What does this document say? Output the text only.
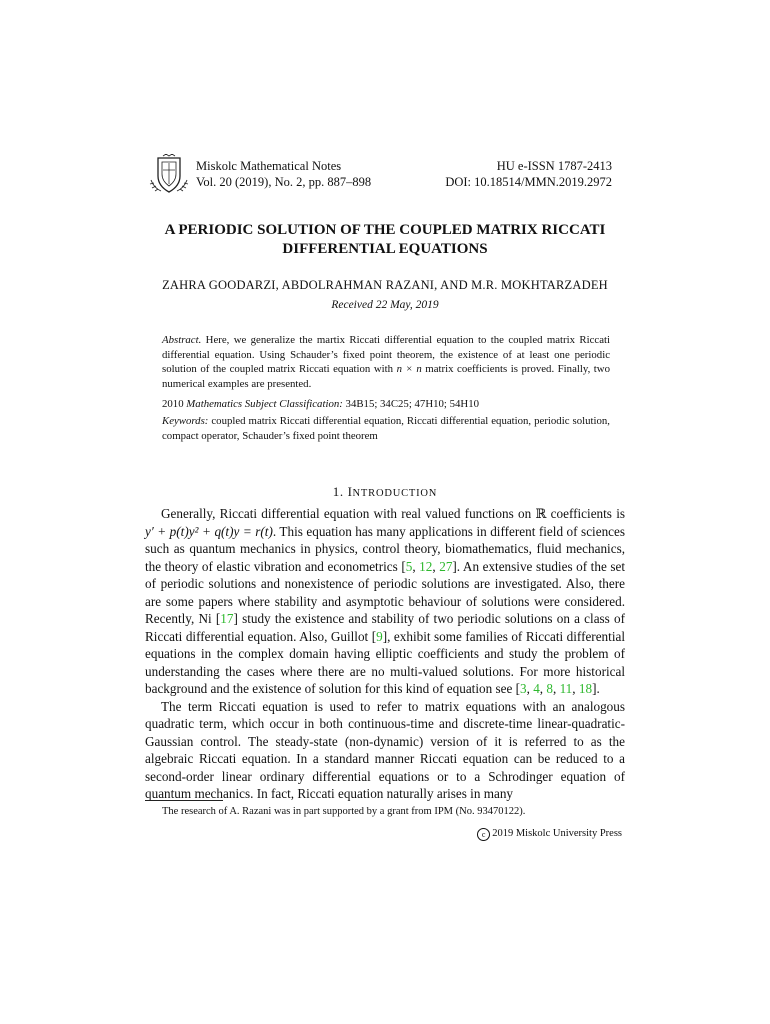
Miskolc Mathematical Notes
Vol. 20 (2019), No. 2, pp. 887–898
HU e-ISSN 1787-2413
DOI: 10.18514/MMN.2019.2972
A PERIODIC SOLUTION OF THE COUPLED MATRIX RICCATI
DIFFERENTIAL EQUATIONS
ZAHRA GOODARZI, ABDOLRAHMAN RAZANI, AND M.R. MOKHTARZADEH
Received 22 May, 2019
Abstract. Here, we generalize the martix Riccati differential equation to the coupled matrix Riccati differential equation. Using Schauder’s fixed point theorem, the existence of at least one periodic solution of the coupled matrix Riccati equation with n × n matrix coefficients is proved. Finally, two numerical examples are presented.
2010 Mathematics Subject Classification: 34B15; 34C25; 47H10; 54H10
Keywords: coupled matrix Riccati differential equation, Riccati differential equation, periodic solution, compact operator, Schauder’s fixed point theorem
1. INTRODUCTION

Generally, Riccati differential equation with real valued functions on ℝ coefficients is y′ + p(t)y² + q(t)y = r(t). This equation has many applications in different field of sciences such as quantum mechanics in physics, control theory, biomathematics, fluid mechanics, the theory of elastic vibration and econometrics [5, 12, 27]. An extensive studies of the set of periodic solutions and nonexistence of periodic solutions are investigated. Also, there are some papers where stability and asymptotic behaviour of solutions were considered. Recently, Ni [17] study the existence and stability of two periodic solutions on a class of Riccati differential equation. Also, Guillot [9], exhibit some families of Riccati differential equations in the complex domain having elliptic coefficients and study the problem of understanding the cases where there are no multi-valued solutions. For more historical background and the existence of solution for this kind of equation see [3, 4, 8, 11, 18].

The term Riccati equation is used to refer to matrix equations with an analogous quadratic term, which occur in both continuous-time and discrete-time linear-quadratic-Gaussian control. The steady-state (non-dynamic) version of it is referred to as the algebraic Riccati equation. In a standard manner Riccati equation can be reduced to a second-order linear ordinary differential equations or to a Schrodinger equation of quantum mechanics. In fact, Riccati equation naturally arises in many

The research of A. Razani was in part supported by a grant from IPM (No. 93470122).
c 2019 Miskolc University Press
